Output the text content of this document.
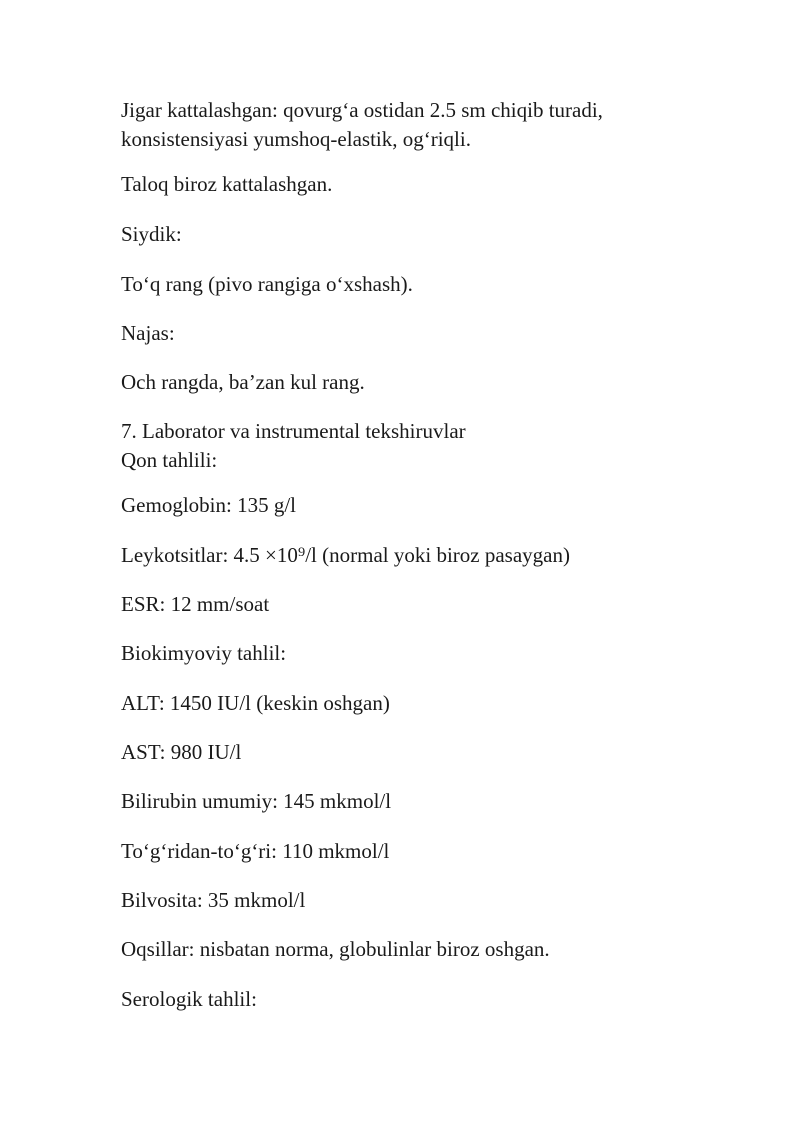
Jigar kattalashgan: qovurg‘a ostidan 2.5 sm chiqib turadi,
konsistensiyasi yumshoq-elastik, og‘riqli.

Taloq biroz kattalashgan.

Siydik:

To‘q rang (pivo rangiga o‘xshash).

Najas:

Och rangda, ba’zan kul rang.

7. Laborator va instrumental tekshiruvlar
Qon tahlili:

Gemoglobin: 135 g/l

Leykotsitlar: 4.5 ×10⁹/l (normal yoki biroz pasaygan)

ESR: 12 mm/soat

Biokimyoviy tahlil:

ALT: 1450 IU/l (keskin oshgan)

AST: 980 IU/l

Bilirubin umumiy: 145 mkmol/l

To‘g‘ridan-to‘g‘ri: 110 mkmol/l

Bilvosita: 35 mkmol/l

Oqsillar: nisbatan norma, globulinlar biroz oshgan.

Serologik tahlil:
